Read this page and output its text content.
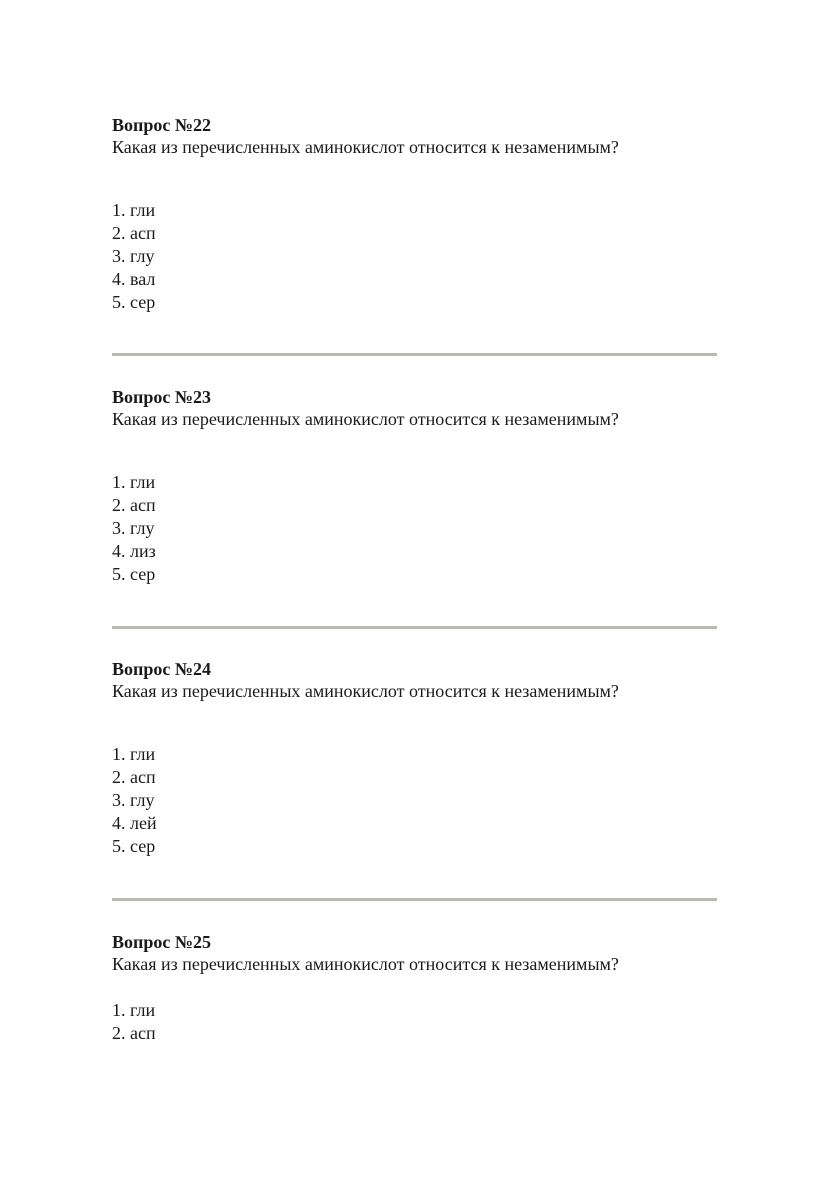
Вопрос №22
Какая из перечисленных аминокислот относится к незаменимым?
1. гли
2. асп
3. глу
4. вал
5. сер
Вопрос №23
Какая из перечисленных аминокислот относится к незаменимым?
1. гли
2. асп
3. глу
4. лиз
5. сер
Вопрос №24
Какая из перечисленных аминокислот относится к незаменимым?
1. гли
2. асп
3. глу
4. лей
5. сер
Вопрос №25
Какая из перечисленных аминокислот относится к незаменимым?
1. гли
2. асп
